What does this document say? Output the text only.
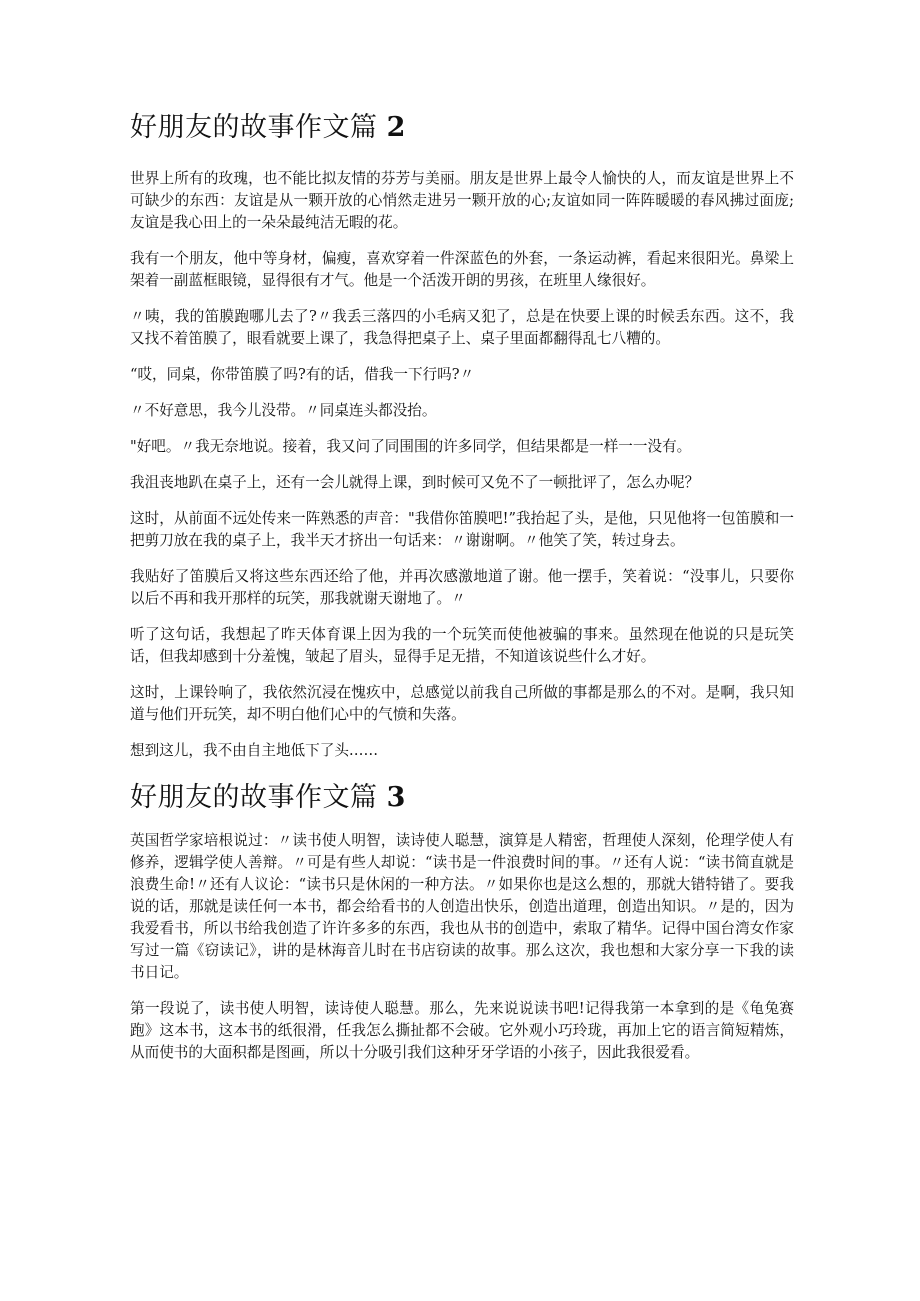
好朋友的故事作文篇 2

世界上所有的玫瑰，也不能比拟友情的芬芳与美丽。朋友是世界上最令人愉快的人，而友谊是世界上不可缺少的东西：友谊是从一颗开放的心悄然走进另一颗开放的心;友谊如同一阵阵暖暖的春风拂过面庞;友谊是我心田上的一朵朵最纯洁无暇的花。

我有一个朋友，他中等身材，偏瘦，喜欢穿着一件深蓝色的外套，一条运动裤，看起来很阳光。鼻梁上架着一副蓝框眼镜，显得很有才气。他是一个活泼开朗的男孩，在班里人缘很好。

〃咦，我的笛膜跑哪儿去了?〃我丢三落四的小毛病又犯了，总是在快要上课的时候丢东西。这不，我又找不着笛膜了，眼看就要上课了，我急得把桌子上、桌子里面都翻得乱七八糟的。

“哎，同桌，你带笛膜了吗?有的话，借我一下行吗?〃

〃不好意思，我今儿没带。〃同桌连头都没抬。

"好吧。〃我无奈地说。接着，我又问了同围围的许多同学，但结果都是一样一一没有。

我沮丧地趴在桌子上，还有一会儿就得上课，到时候可又免不了一顿批评了，怎么办呢？

这时，从前面不远处传来一阵熟悉的声音："我借你笛膜吧!”我抬起了头，是他，只见他将一包笛膜和一把剪刀放在我的桌子上，我半天才挤出一句话来：〃谢谢啊。〃他笑了笑，转过身去。

我贴好了笛膜后又将这些东西还给了他，并再次感激地道了谢。他一摆手，笑着说：“没事儿，只要你以后不再和我开那样的玩笑，那我就谢天谢地了。〃

听了这句话，我想起了昨天体育课上因为我的一个玩笑而使他被骗的事来。虽然现在他说的只是玩笑话，但我却感到十分羞愧，皱起了眉头，显得手足无措，不知道该说些什么才好。

这时，上课铃响了，我依然沉浸在愧疚中，总感觉以前我自己所做的事都是那么的不对。是啊，我只知道与他们开玩笑，却不明白他们心中的气愤和失落。

想到这儿，我不由自主地低下了头……

好朋友的故事作文篇 3

英国哲学家培根说过：〃读书使人明智，读诗使人聪慧，演算是人精密，哲理使人深刻，伦理学使人有修养，逻辑学使人善辩。〃可是有些人却说：“读书是一件浪费时间的事。〃还有人说：“读书简直就是浪费生命!〃还有人议论：“读书只是休闲的一种方法。〃如果你也是这么想的，那就大错特错了。要我说的话，那就是读任何一本书，都会给看书的人创造出快乐，创造出道理，创造出知识。〃是的，因为我爱看书，所以书给我创造了许许多多的东西，我也从书的创造中，索取了精华。记得中国台湾女作家写过一篇《窃读记》，讲的是林海音儿时在书店窃读的故事。那么这次，我也想和大家分享一下我的读书日记。

第一段说了，读书使人明智，读诗使人聪慧。那么，先来说说读书吧!记得我第一本拿到的是《龟兔赛跑》这本书，这本书的纸很滑，任我怎么撕扯都不会破。它外观小巧玲珑，再加上它的语言简短精炼，从而使书的大面积都是图画，所以十分吸引我们这种牙牙学语的小孩子，因此我很爱看。
